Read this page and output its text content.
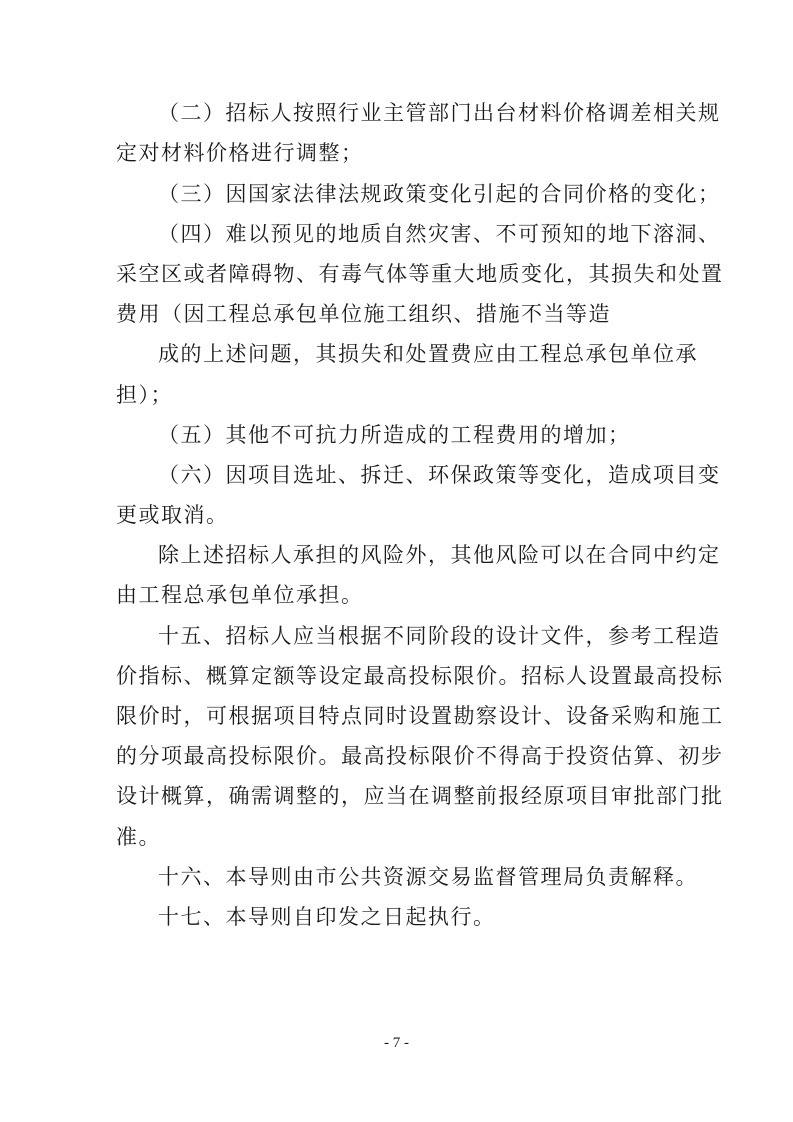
（二）招标人按照行业主管部门出台材料价格调差相关规
定对材料价格进行调整；
（三）因国家法律法规政策变化引起的合同价格的变化；
（四）难以预见的地质自然灾害、不可预知的地下溶洞、
采空区或者障碍物、有毒气体等重大地质变化，其损失和处置
费用（因工程总承包单位施工组织、措施不当等造
成的上述问题，其损失和处置费应由工程总承包单位承
担）；
（五）其他不可抗力所造成的工程费用的增加；
（六）因项目选址、拆迁、环保政策等变化，造成项目变
更或取消。
除上述招标人承担的风险外，其他风险可以在合同中约定
由工程总承包单位承担。
十五、招标人应当根据不同阶段的设计文件，参考工程造
价指标、概算定额等设定最高投标限价。招标人设置最高投标
限价时，可根据项目特点同时设置勘察设计、设备采购和施工
的分项最高投标限价。最高投标限价不得高于投资估算、初步
设计概算，确需调整的，应当在调整前报经原项目审批部门批
准。
十六、本导则由市公共资源交易监督管理局负责解释。
十七、本导则自印发之日起执行。
- 7 -
